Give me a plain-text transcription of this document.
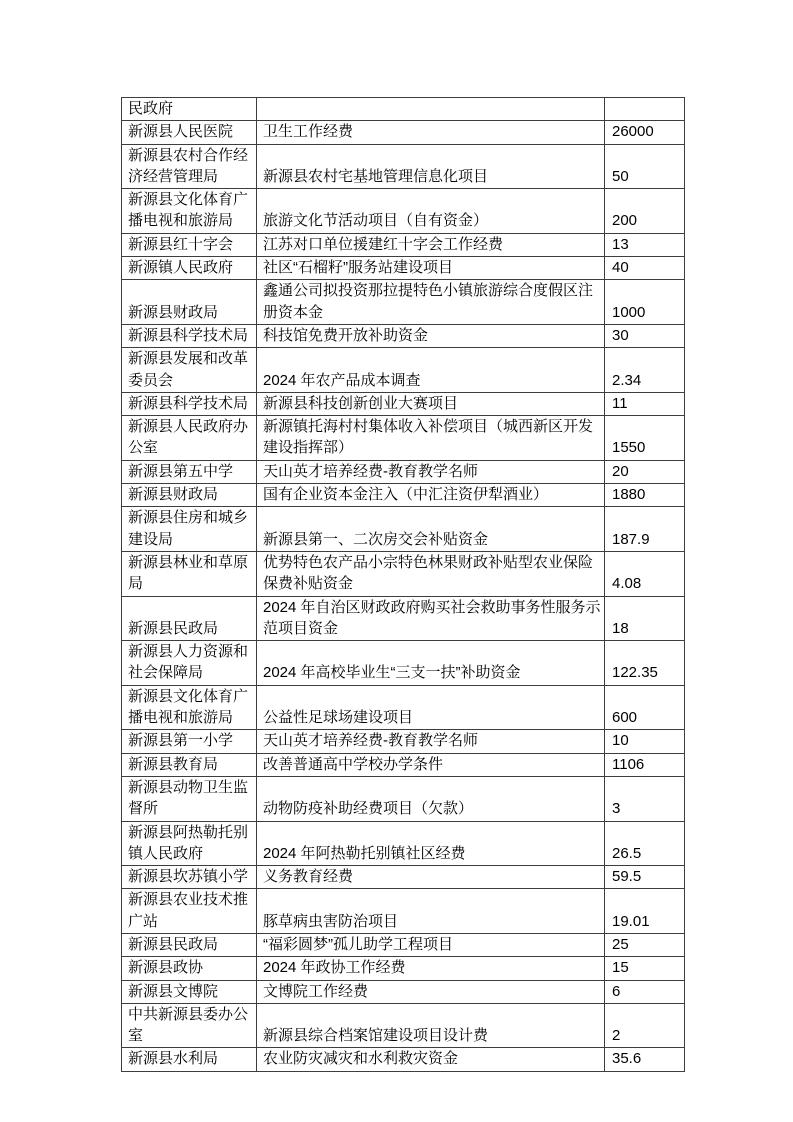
民政府		
新源县人民医院	卫生工作经费	26000
新源县农村合作经济经营管理局	新源县农村宅基地管理信息化项目	50
新源县文化体育广播电视和旅游局	旅游文化节活动项目（自有资金）	200
新源县红十字会	江苏对口单位援建红十字会工作经费	13
新源镇人民政府	社区“石榴籽”服务站建设项目	40
新源县财政局	鑫通公司拟投资那拉提特色小镇旅游综合度假区注册资本金	1000
新源县科学技术局	科技馆免费开放补助资金	30
新源县发展和改革委员会	2024 年农产品成本调查	2.34
新源县科学技术局	新源县科技创新创业大赛项目	11
新源县人民政府办公室	新源镇托海村村集体收入补偿项目（城西新区开发建设指挥部）	1550
新源县第五中学	天山英才培养经费-教育教学名师	20
新源县财政局	国有企业资本金注入（中汇注资伊犁酒业）	1880
新源县住房和城乡建设局	新源县第一、二次房交会补贴资金	187.9
新源县林业和草原局	优势特色农产品小宗特色林果财政补贴型农业保险保费补贴资金	4.08
新源县民政局	2024 年自治区财政政府购买社会救助事务性服务示范项目资金	18
新源县人力资源和社会保障局	2024 年高校毕业生“三支一扶”补助资金	122.35
新源县文化体育广播电视和旅游局	公益性足球场建设项目	600
新源县第一小学	天山英才培养经费-教育教学名师	10
新源县教育局	改善普通高中学校办学条件	1106
新源县动物卫生监督所	动物防疫补助经费项目（欠款）	3
新源县阿热勒托别镇人民政府	2024 年阿热勒托别镇社区经费	26.5
新源县坎苏镇小学	义务教育经费	59.5
新源县农业技术推广站	豚草病虫害防治项目	19.01
新源县民政局	“福彩圆梦”孤儿助学工程项目	25
新源县政协	2024 年政协工作经费	15
新源县文博院	文博院工作经费	6
中共新源县委办公室	新源县综合档案馆建设项目设计费	2
新源县水利局	农业防灾减灾和水利救灾资金	35.6
